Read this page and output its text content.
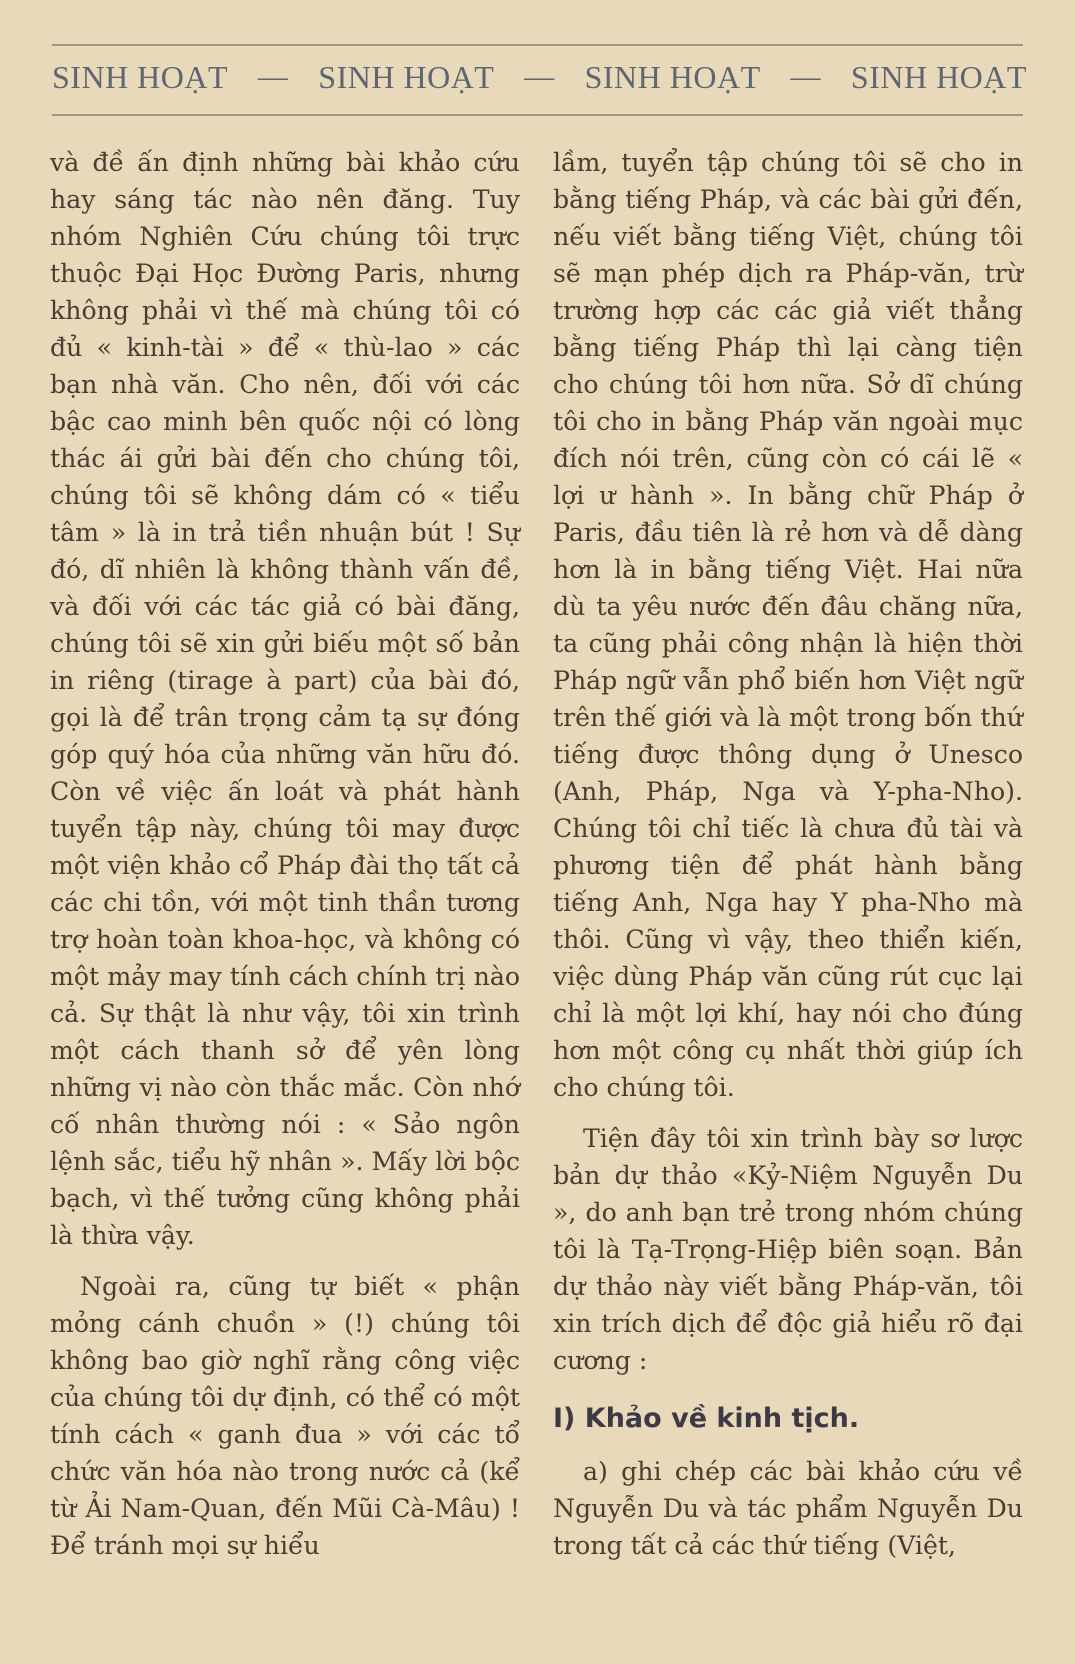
SINH HOẠT — SINH HOẠT — SINH HOẠT — SINH HOẠT

và đề ấn định những bài khảo cứu hay sáng tác nào nên đăng. Tuy nhóm Nghiên Cứu chúng tôi trực thuộc Đại Học Đường Paris, nhưng không phải vì thế mà chúng tôi có đủ « kinh-tài » để « thù-lao » các bạn nhà văn. Cho nên, đối với các bậc cao minh bên quốc nội có lòng thác ái gửi bài đến cho chúng tôi, chúng tôi sẽ không dám có « tiểu tâm » là in trả tiền nhuận bút ! Sự đó, dĩ nhiên là không thành vấn đề, và đối với các tác giả có bài đăng, chúng tôi sẽ xin gửi biếu một số bản in riêng (tirage à part) của bài đó, gọi là để trân trọng cảm tạ sự đóng góp quý hóa của những văn hữu đó. Còn về việc ấn loát và phát hành tuyển tập này, chúng tôi may được một viện khảo cổ Pháp đài thọ tất cả các chi tồn, với một tinh thần tương trợ hoàn toàn khoa-học, và không có một mảy may tính cách chính trị nào cả. Sự thật là như vậy, tôi xin trình một cách thanh sở để yên lòng những vị nào còn thắc mắc. Còn nhớ cố nhân thường nói : « Sảo ngôn lệnh sắc, tiểu hỹ nhân ». Mấy lời bộc bạch, vì thế tưởng cũng không phải là thừa vậy.

Ngoài ra, cũng tự biết « phận mỏng cánh chuồn » (!) chúng tôi không bao giờ nghĩ rằng công việc của chúng tôi dự định, có thể có một tính cách « ganh đua » với các tổ chức văn hóa nào trong nước cả (kể từ Ải Nam-Quan, đến Mũi Cà-Mâu) ! Để tránh mọi sự hiểu

lầm, tuyển tập chúng tôi sẽ cho in bằng tiếng Pháp, và các bài gửi đến, nếu viết bằng tiếng Việt, chúng tôi sẽ mạn phép dịch ra Pháp-văn, trừ trường hợp các các giả viết thẳng bằng tiếng Pháp thì lại càng tiện cho chúng tôi hơn nữa. Sở dĩ chúng tôi cho in bằng Pháp văn ngoài mục đích nói trên, cũng còn có cái lẽ « lợi ư hành ». In bằng chữ Pháp ở Paris, đầu tiên là rẻ hơn và dễ dàng hơn là in bằng tiếng Việt. Hai nữa dù ta yêu nước đến đâu chăng nữa, ta cũng phải công nhận là hiện thời Pháp ngữ vẫn phổ biến hơn Việt ngữ trên thế giới và là một trong bốn thứ tiếng được thông dụng ở Unesco (Anh, Pháp, Nga và Y-pha-Nho). Chúng tôi chỉ tiếc là chưa đủ tài và phương tiện để phát hành bằng tiếng Anh, Nga hay Y pha-Nho mà thôi. Cũng vì vậy, theo thiển kiến, việc dùng Pháp văn cũng rút cục lại chỉ là một lợi khí, hay nói cho đúng hơn một công cụ nhất thời giúp ích cho chúng tôi.

Tiện đây tôi xin trình bày sơ lược bản dự thảo «Kỷ-Niệm Nguyễn Du », do anh bạn trẻ trong nhóm chúng tôi là Tạ-Trọng-Hiệp biên soạn. Bản dự thảo này viết bằng Pháp-văn, tôi xin trích dịch để độc giả hiểu rõ đại cương :

I) Khảo về kinh tịch.

a) ghi chép các bài khảo cứu về Nguyễn Du và tác phẩm Nguyễn Du trong tất cả các thứ tiếng (Việt,
